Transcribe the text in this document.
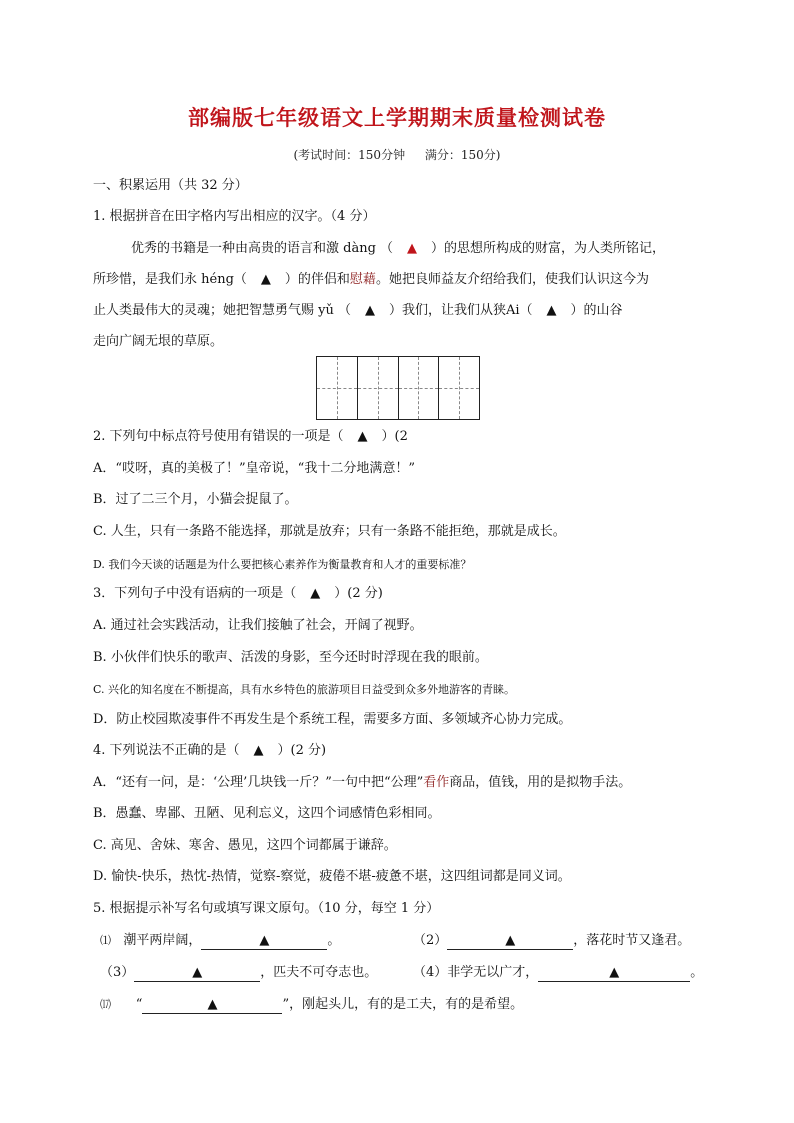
部编版七年级语文上学期期末质量检测试卷
(考试时间：150分钟 满分：150分)
一、积累运用（共 32 分）
1. 根据拼音在田字格内写出相应的汉字。（4 分）
优秀的书籍是一种由高贵的语言和激 dàng （ ▲ ）的思想所构成的财富，为人类所铭记，
所珍惜，是我们永 héng（ ▲ ）的伴侣和慰藉。她把良师益友介绍给我们，使我们认识这今为
止人类最伟大的灵魂；她把智慧勇气赐 yǔ （ ▲ ）我们，让我们从狭Ai（ ▲ ）的山谷
走向广阔无垠的草原。
2. 下列句中标点符号使用有错误的一项是（ ▲ ）(2
A．“哎呀，真的美极了！”皇帝说，“我十二分地满意！”
B．过了二三个月，小猫会捉鼠了。
C. 人生，只有一条路不能选择，那就是放弃；只有一条路不能拒绝，那就是成长。
D. 我们今天谈的话题是为什么要把核心素养作为衡量教育和人才的重要标准？
3．下列句子中没有语病的一项是（ ▲ ）(2 分)
A. 通过社会实践活动，让我们接触了社会，开阔了视野。
B. 小伙伴们快乐的歌声、活泼的身影，至今还时时浮现在我的眼前。
C. 兴化的知名度在不断提高，具有水乡特色的旅游项目日益受到众多外地游客的青睐。
D．防止校园欺凌事件不再发生是个系统工程，需要多方面、多领域齐心协力完成。
4. 下列说法不正确的是（ ▲ ）(2 分)
A．“还有一问，是：‘公理’几块钱一斤？”一句中把“公理”看作商品，值钱，用的是拟物手法。
B．愚蠢、卑鄙、丑陋、见利忘义，这四个词感情色彩相同。
C. 高见、舍妹、寒舍、愚见，这四个词都属于谦辞。
D. 愉快-快乐，热忱-热情，觉察-察觉，疲倦不堪-疲惫不堪，这四组词都是同义词。
5. 根据提示补写名句或填写课文原句。（10 分，每空 1 分）
⑴ 潮平两岸阔，	▲	。	（2）	▲	，落花时节又逢君。
（3）	▲	，匹夫不可夺志也。	（4）非学无以广才，	▲	。
⒄ “	▲	”，刚起头儿，有的是工夫，有的是希望。
